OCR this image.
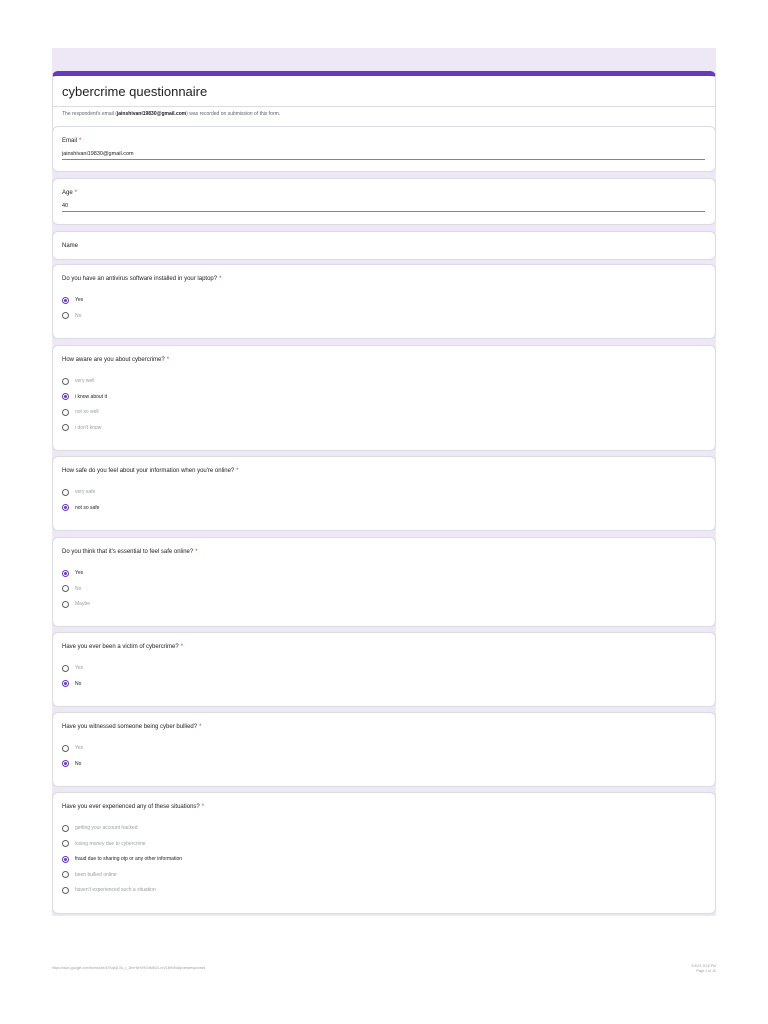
cybercrime questionnaire
The respondent's email (jainshivani19830@gmail.com) was recorded on submission of this form.
Email *
jainshivani19830@gmail.com
Age *
40
Name
Do you have an antivirus software installed in your laptop? *
Yes
No
How aware are you about cybercrime? *
very well
i know about it
not so well
i don't know
How safe do you feel about your information when you're online? *
very safe
not so safe
Do you think that it's essential to feel safe online? *
Yes
No
Maybe
Have you ever been a victim of cybercrime? *
Yes
No
Have you witnessed someone being cyber bullied? *
Yes
No
Have you ever experienced any of these situations? *
getting your account hacked
losing money due to cybercrime
fraud due to sharing otp or any other information
been bullied online
haven't experienced such a situation
https://docs.google.com/forms/d/e/1FAIpQLSc_r_2lmHvHX9GdM6O1-mV1B9vEdAj/viewresponses	2/3/23, 8:16 PM
Page 1 of 10
